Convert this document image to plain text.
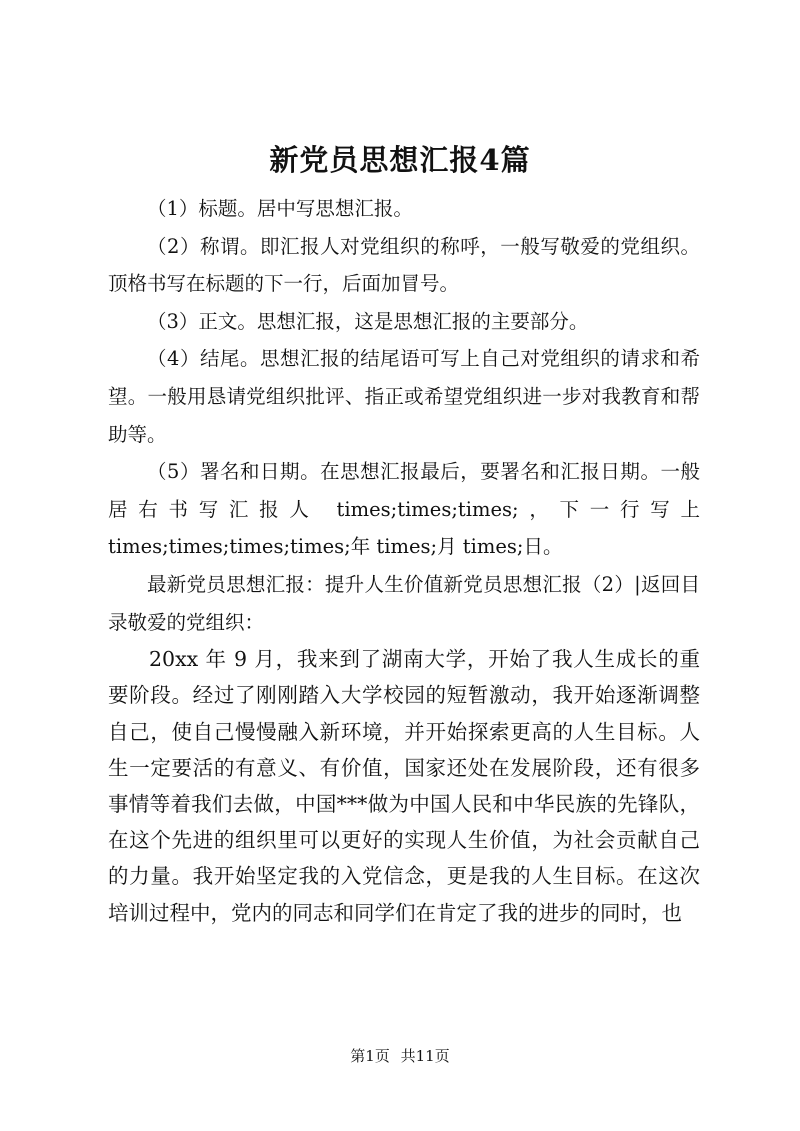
新党员思想汇报4篇

（1）标题。居中写思想汇报。

（2）称谓。即汇报人对党组织的称呼，一般写敬爱的党组织。顶格书写在标题的下一行，后面加冒号。

（3）正文。思想汇报，这是思想汇报的主要部分。

（4）结尾。思想汇报的结尾语可写上自己对党组织的请求和希望。一般用恳请党组织批评、指正或希望党组织进一步对我教育和帮助等。

（5）署名和日期。在思想汇报最后，要署名和汇报日期。一般居右书写汇报人 times;times;times;，下一行写上 times;times;times;times;年 times;月 times;日。

最新党员思想汇报：提升人生价值新党员思想汇报（2）|返回目录敬爱的党组织：

20xx 年 9 月，我来到了湖南大学，开始了我人生成长的重要阶段。经过了刚刚踏入大学校园的短暂激动，我开始逐渐调整自己，使自己慢慢融入新环境，并开始探索更高的人生目标。人生一定要活的有意义、有价值，国家还处在发展阶段，还有很多事情等着我们去做，中国***做为中国人民和中华民族的先锋队，在这个先进的组织里可以更好的实现人生价值，为社会贡献自己的力量。我开始坚定我的入党信念，更是我的人生目标。在这次培训过程中，党内的同志和同学们在肯定了我的进步的同时，也

第1页 共11页
